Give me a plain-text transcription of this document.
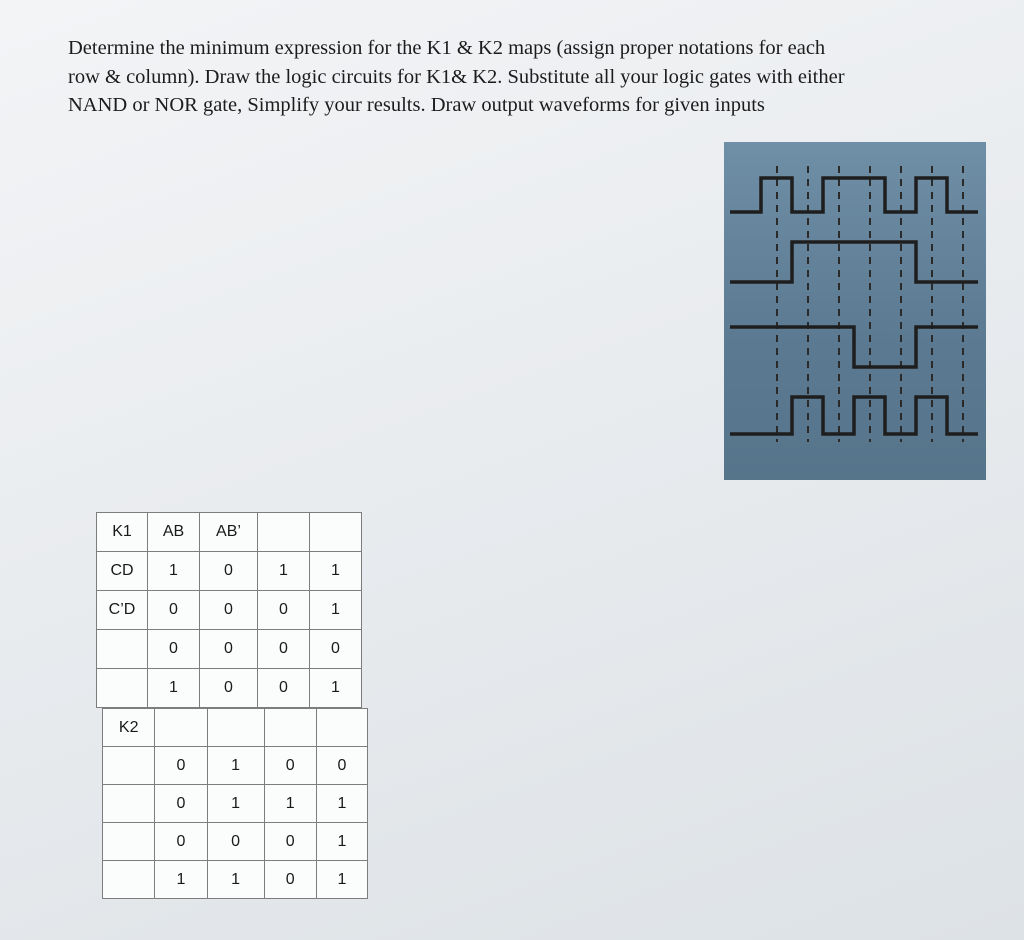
Determine the minimum expression for the K1 & K2 maps (assign proper notations for each
row & column). Draw the logic circuits for K1& K2. Substitute all your logic gates with either
NAND or NOR gate, Simplify your results. Draw output waveforms for given inputs
K1	AB	AB’		
CD	1	0	1	1
C’D	0	0	0	1
	0	0	0	0
	1	0	0	1
K2				
	0	1	0	0
	0	1	1	1
	0	0	0	1
	1	1	0	1
